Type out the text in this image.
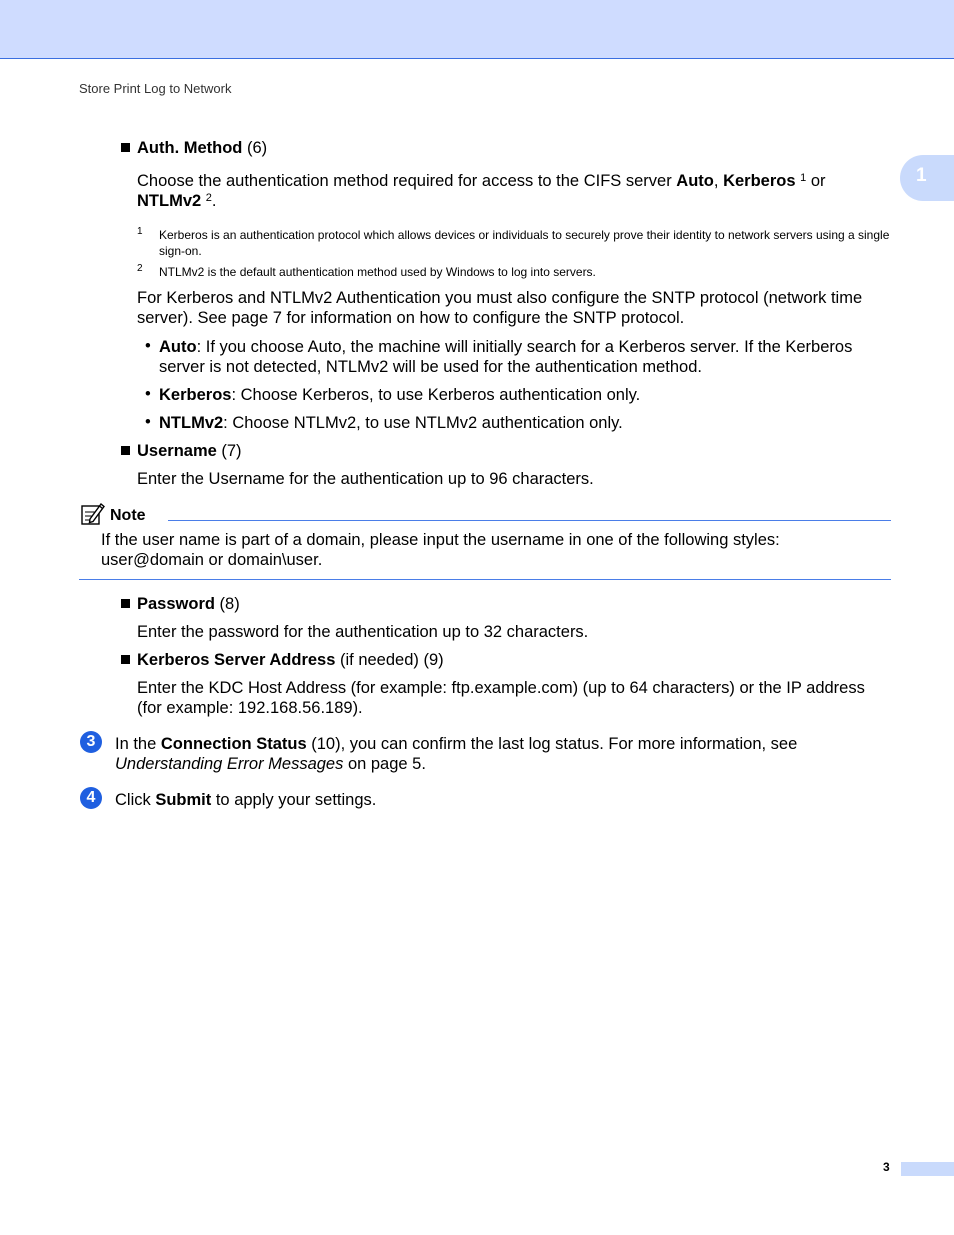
Store Print Log to Network
1
Auth. Method (6)
Choose the authentication method required for access to the CIFS server Auto, Kerberos $^1$ or NTLMv2 $^2$.
1 Kerberos is an authentication protocol which allows devices or individuals to securely prove their identity to network servers using a single sign-on.
2 NTLMv2 is the default authentication method used by Windows to log into servers.
For Kerberos and NTLMv2 Authentication you must also configure the SNTP protocol (network time server). See page 7 for information on how to configure the SNTP protocol.
• Auto: If you choose Auto, the machine will initially search for a Kerberos server. If the Kerberos server is not detected, NTLMv2 will be used for the authentication method.
• Kerberos: Choose Kerberos, to use Kerberos authentication only.
• NTLMv2: Choose NTLMv2, to use NTLMv2 authentication only.
Username (7)
Enter the Username for the authentication up to 96 characters.
Note
If the user name is part of a domain, please input the username in one of the following styles: user@domain or domain\user.
Password (8)
Enter the password for the authentication up to 32 characters.
Kerberos Server Address (if needed) (9)
Enter the KDC Host Address (for example: ftp.example.com) (up to 64 characters) or the IP address (for example: 192.168.56.189).
3	In the Connection Status (10), you can confirm the last log status. For more information, see Understanding Error Messages on page 5.
4	Click Submit to apply your settings.
3
